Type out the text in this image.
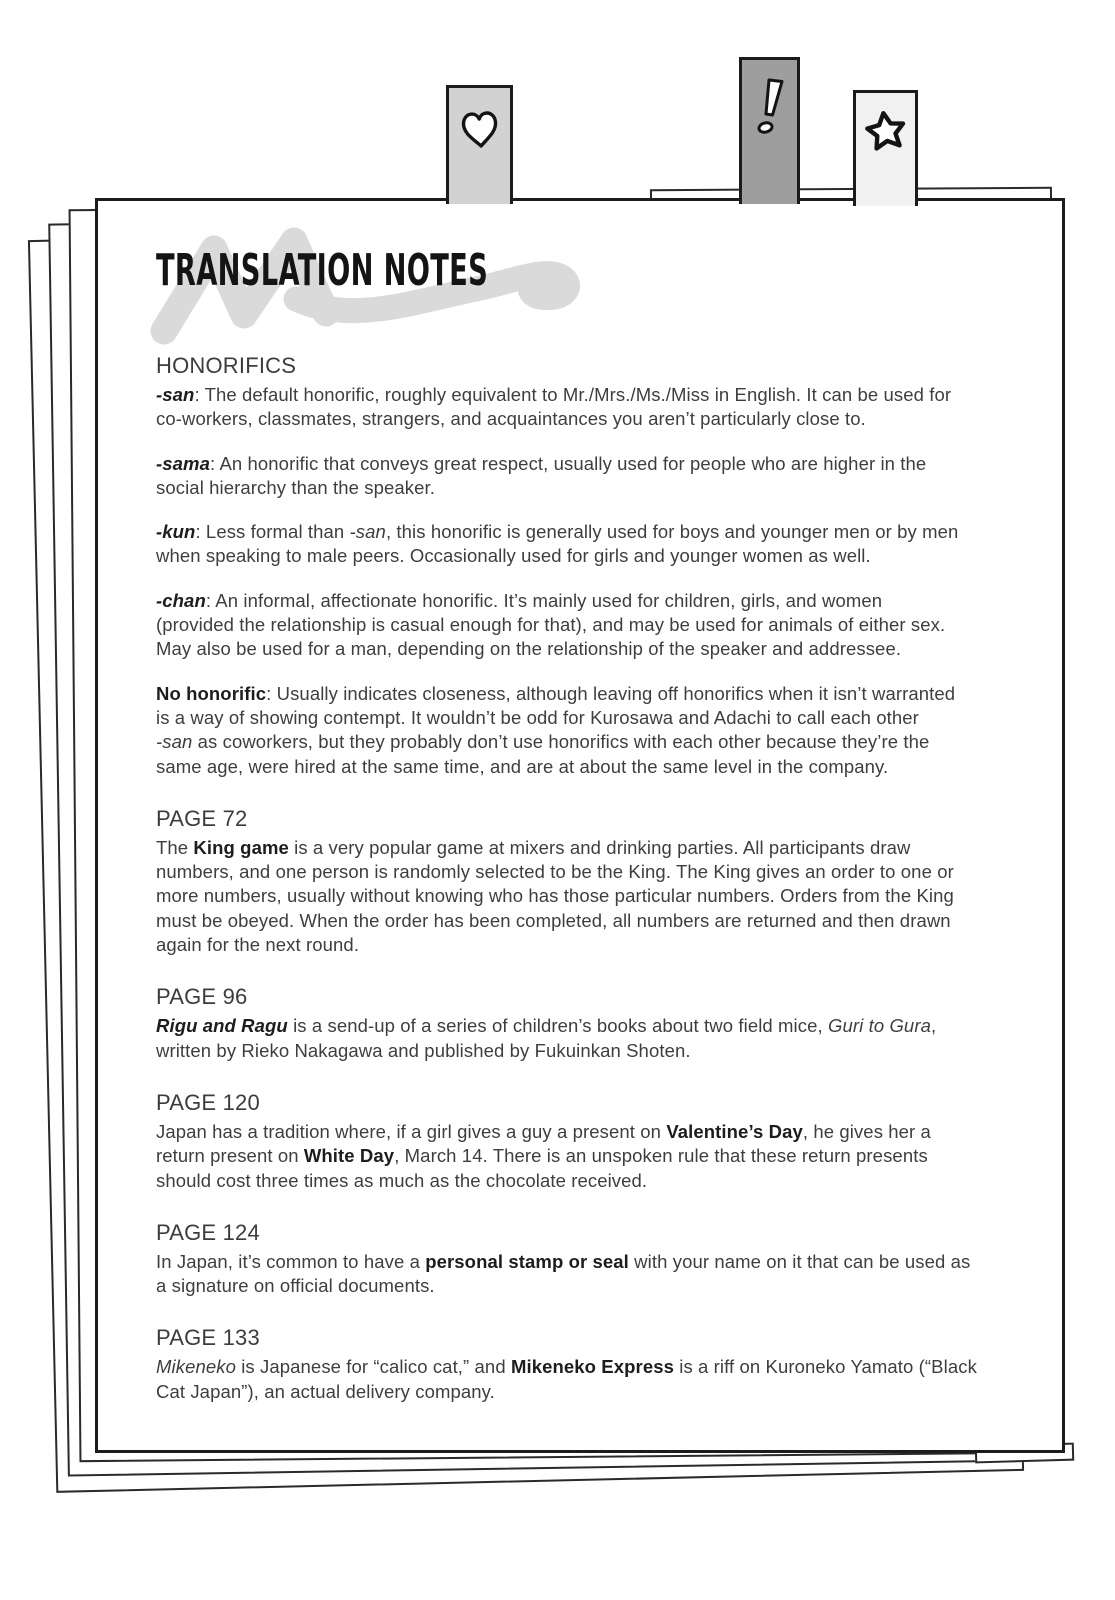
TRANSLATION NOTES
HONORIFICS

-san: The default honorific, roughly equivalent to Mr./Mrs./Ms./Miss in English. It can be used for
co-workers, classmates, strangers, and acquaintances you aren’t particularly close to.

-sama: An honorific that conveys great respect, usually used for people who are higher in the
social hierarchy than the speaker.

-kun: Less formal than -san, this honorific is generally used for boys and younger men or by men
when speaking to male peers. Occasionally used for girls and younger women as well.

-chan: An informal, affectionate honorific. It’s mainly used for children, girls, and women
(provided the relationship is casual enough for that), and may be used for animals of either sex.
May also be used for a man, depending on the relationship of the speaker and addressee.

No honorific: Usually indicates closeness, although leaving off honorifics when it isn’t warranted
is a way of showing contempt. It wouldn’t be odd for Kurosawa and Adachi to call each other
-san as coworkers, but they probably don’t use honorifics with each other because they’re the
same age, were hired at the same time, and are at about the same level in the company.

PAGE 72

The King game is a very popular game at mixers and drinking parties. All participants draw
numbers, and one person is randomly selected to be the King. The King gives an order to one or
more numbers, usually without knowing who has those particular numbers. Orders from the King
must be obeyed. When the order has been completed, all numbers are returned and then drawn
again for the next round.

PAGE 96

Rigu and Ragu is a send-up of a series of children’s books about two field mice, Guri to Gura,
written by Rieko Nakagawa and published by Fukuinkan Shoten.

PAGE 120

Japan has a tradition where, if a girl gives a guy a present on Valentine’s Day, he gives her a
return present on White Day, March 14. There is an unspoken rule that these return presents
should cost three times as much as the chocolate received.

PAGE 124

In Japan, it’s common to have a personal stamp or seal with your name on it that can be used as
a signature on official documents.

PAGE 133

Mikeneko is Japanese for “calico cat,” and Mikeneko Express is a riff on Kuroneko Yamato (“Black
Cat Japan”), an actual delivery company.
